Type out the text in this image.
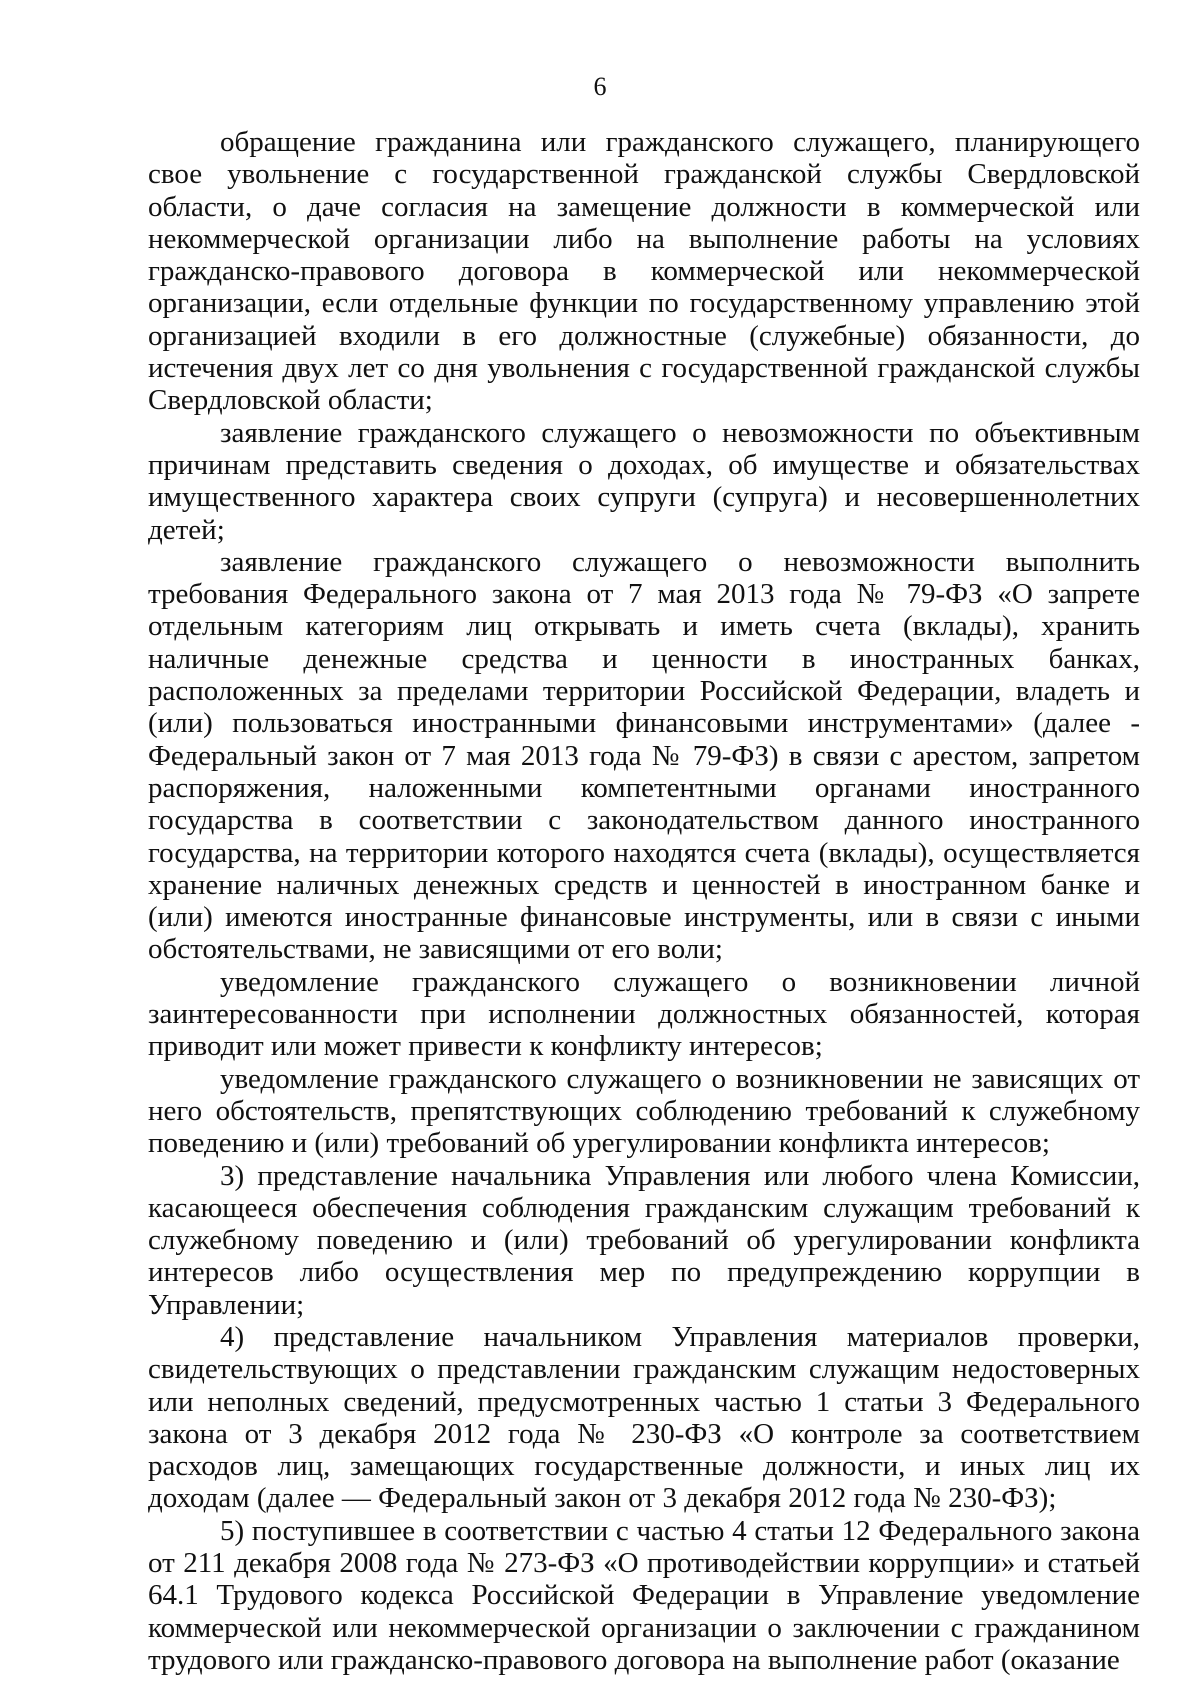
6

обращение гражданина или гражданского служащего, планирующего свое увольнение с государственной гражданской службы Свердловской области, о даче согласия на замещение должности в коммерческой или некоммерческой организации либо на выполнение работы на условиях гражданско-правового договора в коммерческой или некоммерческой организации, если отдельные функции по государственному управлению этой организацией входили в его должностные (служебные) обязанности, до истечения двух лет со дня увольнения с государственной гражданской службы Свердловской области;

заявление гражданского служащего о невозможности по объективным причинам представить сведения о доходах, об имуществе и обязательствах имущественного характера своих супруги (супруга) и несовершеннолетних детей;

заявление гражданского служащего о невозможности выполнить требования Федерального закона от 7 мая 2013 года № 79-ФЗ «О запрете отдельным категориям лиц открывать и иметь счета (вклады), хранить наличные денежные средства и ценности в иностранных банках, расположенных за пределами территории Российской Федерации, владеть и (или) пользоваться иностранными финансовыми инструментами» (далее - Федеральный закон от 7 мая 2013 года № 79-ФЗ) в связи с арестом, запретом распоряжения, наложенными компетентными органами иностранного государства в соответствии с законодательством данного иностранного государства, на территории которого находятся счета (вклады), осуществляется хранение наличных денежных средств и ценностей в иностранном банке и (или) имеются иностранные финансовые инструменты, или в связи с иными обстоятельствами, не зависящими от его воли;

уведомление гражданского служащего о возникновении личной заинтересованности при исполнении должностных обязанностей, которая приводит или может привести к конфликту интересов;

уведомление гражданского служащего о возникновении не зависящих от него обстоятельств, препятствующих соблюдению требований к служебному поведению и (или) требований об урегулировании конфликта интересов;

3) представление начальника Управления или любого члена Комиссии, касающееся обеспечения соблюдения гражданским служащим требований к служебному поведению и (или) требований об урегулировании конфликта интересов либо осуществления мер по предупреждению коррупции в Управлении;

4) представление начальником Управления материалов проверки, свидетельствующих о представлении гражданским служащим недостоверных или неполных сведений, предусмотренных частью 1 статьи 3 Федерального закона от 3 декабря 2012 года № 230-ФЗ «О контроле за соответствием расходов лиц, замещающих государственные должности, и иных лиц их доходам (далее — Федеральный закон от 3 декабря 2012 года № 230-ФЗ);

5) поступившее в соответствии с частью 4 статьи 12 Федерального закона от 211 декабря 2008 года № 273-ФЗ «О противодействии коррупции» и статьей 64.1 Трудового кодекса Российской Федерации в Управление уведомление коммерческой или некоммерческой организации о заключении с гражданином трудового или гражданско-правового договора на выполнение работ (оказание
